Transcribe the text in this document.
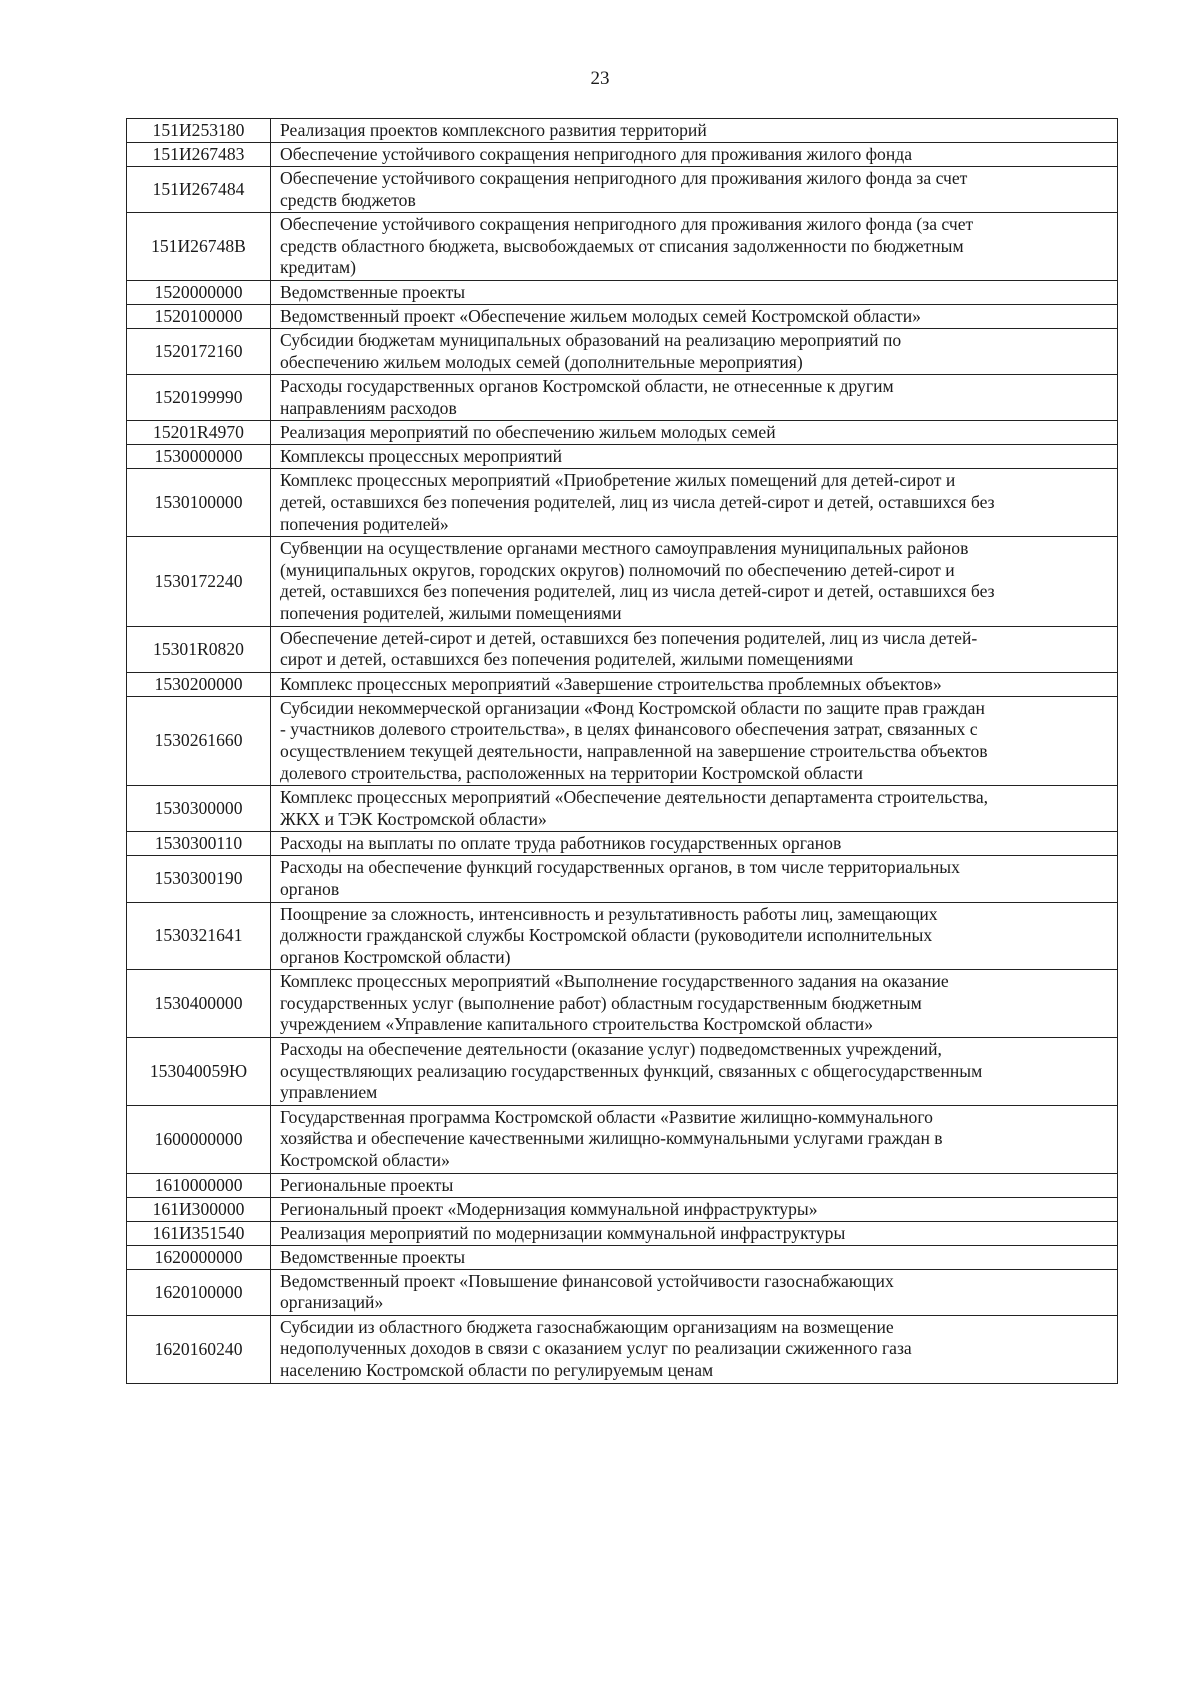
23
151И253180	Реализация проектов комплексного развития территорий

151И267483	Обеспечение устойчивого сокращения непригодного для проживания жилого фонда

151И267484	Обеспечение устойчивого сокращения непригодного для проживания жилого фонда за счет
средств бюджетов

151И26748В	Обеспечение устойчивого сокращения непригодного для проживания жилого фонда (за счет
средств областного бюджета, высвобождаемых от списания задолженности по бюджетным
кредитам)

1520000000	Ведомственные проекты

1520100000	Ведомственный проект «Обеспечение жильем молодых семей Костромской области»

1520172160	Субсидии бюджетам муниципальных образований на реализацию мероприятий по
обеспечению жильем молодых семей (дополнительные мероприятия)

1520199990	Расходы государственных органов Костромской области, не отнесенные к другим
направлениям расходов

15201R4970	Реализация мероприятий по обеспечению жильем молодых семей

1530000000	Комплексы процессных мероприятий

1530100000	Комплекс процессных мероприятий «Приобретение жилых помещений для детей-сирот и
детей, оставшихся без попечения родителей, лиц из числа детей-сирот и детей, оставшихся без
попечения родителей»

1530172240	Субвенции на осуществление органами местного самоуправления муниципальных районов
(муниципальных округов, городских округов) полномочий по обеспечению детей-сирот и
детей, оставшихся без попечения родителей, лиц из числа детей-сирот и детей, оставшихся без
попечения родителей, жилыми помещениями

15301R0820	Обеспечение детей-сирот и детей, оставшихся без попечения родителей, лиц из числа детей-
сирот и детей, оставшихся без попечения родителей, жилыми помещениями

1530200000	Комплекс процессных мероприятий «Завершение строительства проблемных объектов»

1530261660	Субсидии некоммерческой организации «Фонд Костромской области по защите прав граждан
- участников долевого строительства», в целях финансового обеспечения затрат, связанных с
осуществлением текущей деятельности, направленной на завершение строительства объектов
долевого строительства, расположенных на территории Костромской области

1530300000	Комплекс процессных мероприятий «Обеспечение деятельности департамента строительства,
ЖКХ и ТЭК Костромской области»

1530300110	Расходы на выплаты по оплате труда работников государственных органов

1530300190	Расходы на обеспечение функций государственных органов, в том числе территориальных
органов

1530321641	Поощрение за сложность, интенсивность и результативность работы лиц, замещающих
должности гражданской службы Костромской области (руководители исполнительных
органов Костромской области)

1530400000	Комплекс процессных мероприятий «Выполнение государственного задания на оказание
государственных услуг (выполнение работ) областным государственным бюджетным
учреждением «Управление капитального строительства Костромской области»

153040059Ю	Расходы на обеспечение деятельности (оказание услуг) подведомственных учреждений,
осуществляющих реализацию государственных функций, связанных с общегосударственным
управлением

1600000000	Государственная программа Костромской области «Развитие жилищно-коммунального
хозяйства и обеспечение качественными жилищно-коммунальными услугами граждан в
Костромской области»

1610000000	Региональные проекты

161И300000	Региональный проект «Модернизация коммунальной инфраструктуры»

161И351540	Реализация мероприятий по модернизации коммунальной инфраструктуры

1620000000	Ведомственные проекты

1620100000	Ведомственный проект «Повышение финансовой устойчивости газоснабжающих
организаций»

1620160240	Субсидии из областного бюджета газоснабжающим организациям на возмещение
недополученных доходов в связи с оказанием услуг по реализации сжиженного газа
населению Костромской области по регулируемым ценам
